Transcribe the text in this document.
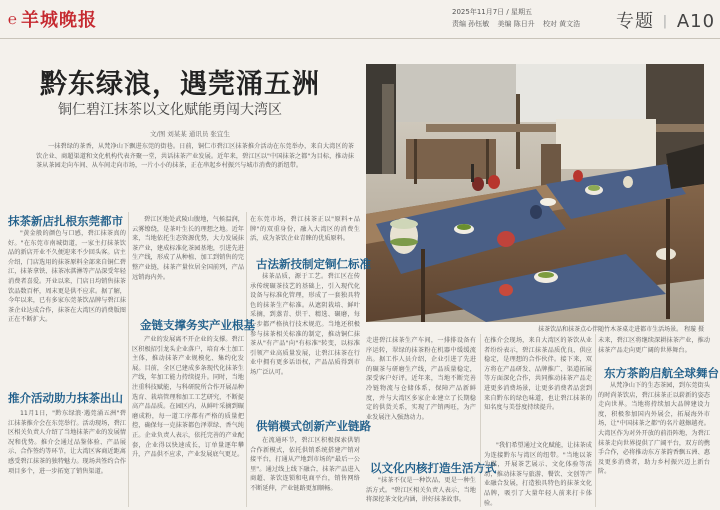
℮ 羊城晚报	2025年11月7日 / 星期五
责编 孙钰敏 美编 陈日升 校对 黄文浩	专题 | A10
黔东绿浪，遇莞涌五洲
铜仁碧江抹茶以文化赋能勇闯大湾区
文/图 刘某某 通讯员 张宜生
抹茶饮品和抹茶点心伴随竹木茶桌走进都市生活场景。 程璇 摄
一抹碧绿的茶香，从梵净山下飘进东莞的街巷。日前，铜仁市碧江区抹茶推介活动在东莞举办，来自大湾区的茶饮企业、商超渠道和文化机构代表齐聚一堂，共话抹茶产业发展。近年来，碧江区以"中国抹茶之都"为目标，推动抹茶从茶园走向车间、从车间走向市场，一片小小的抹茶，正在串起乡村振兴与城市消费的新纽带。
抹茶新店扎根东莞都市
"黄金般的颜色与口感，碧江抹茶真的好。"在东莞市南城街道，一家主打抹茶饮品的新店开业不久便迎来不少回头客。店主介绍，门店选用的抹茶原料全部来自铜仁碧江，抹茶拿铁、抹茶冰淇淋等产品深受年轻消费者喜爱。开业以来，门店日均销售抹茶饮品数百杯，周末更是供不应求。据了解，今年以来，已有多家东莞茶饮品牌与碧江抹茶企业达成合作，抹茶在大湾区的消费版图正在不断扩大。
推介活动助力抹茶出山
11月1日，"黔东绿浪·遇莞涌五洲"碧江抹茶推介会在东莞举行。活动现场，碧江区相关负责人介绍了当地抹茶产业的发展情况和优势。推介会通过品鉴体验、产品展示、合作签约等环节，让大湾区客商近距离感受碧江抹茶的独特魅力。现场共签约合作项目多个，进一步拓宽了销售渠道。
碧江区地处武陵山腹地，气候温润，云雾缭绕，是茶叶生长的理想之地。近年来，当地依托生态资源优势，大力发展抹茶产业，建成标准化茶园基地，引进先进生产线，形成了从种植、加工到销售的完整产业链，抹茶产量位居全国前列，产品远销海内外。
金链支撑务实产业根基
产业的发展离不开企业的支撑。碧江区积极招引龙头企业落户，培育本土加工主体，推动抹茶产业规模化、集约化发展。目前，全区已建成多条现代化抹茶生产线，年加工能力持续提升。同时，当地注重科技赋能，与科研院所合作开展品种选育、栽培管理和加工工艺研究，不断提高产品品质。在园区内，从鲜叶采摘到碾磨成粉，每一道工序都有严格的质量把控，确保每一克抹茶都色泽翠绿、香气纯正。企业负责人表示，依托完善的产业配套，企业得以快速成长，订单量逐年攀升，产品供不应求，产业发展底气更足。
在东莞市场，碧江抹茶正以"原料+品牌"的双重身份，融入大湾区的消费生活，成为茶饮企业青睐的优质原料。
古法新技制定铜仁标准
抹茶品质，源于工艺。碧江区在传承传统碾茶技艺的基础上，引入现代化设备与标准化管理，形成了一套独具特色的抹茶生产标准。从遮阴栽培、鲜叶采摘，到蒸青、烘干、精选、碾磨，每一步都严格执行技术规范。当地还积极参与抹茶相关标准的制定，推动铜仁抹茶从"有产品"向"有标准"转变，以标准引领产业高质量发展，让碧江抹茶在行业中拥有更多话语权，产品品质得到市场广泛认可。
供销模式创新产业链路
在流通环节，碧江区积极探索供销合作新模式，依托供销系统搭建产销对接平台，打通从产地到市场的"最后一公里"。通过线上线下融合，抹茶产品进入商超、茶饮连锁和电商平台，销售网络不断延伸，产业链路更加顺畅。
走进碧江抹茶生产车间，一排排设备有序运转，翠绿的抹茶粉在机器中缓缓流出。据工作人员介绍，企业引进了先进的碾茶与研磨生产线，产品质量稳定，深受客户好评。近年来，当地不断完善冷链物流与仓储体系，保障产品新鲜度，并与大湾区多家企业建立了长期稳定的供货关系，实现了产销两旺，为产业发展注入强劲动力。
以文化内核打造生活方式
"抹茶不仅是一种饮品，更是一种生活方式。"碧江区相关负责人表示，当地将深挖茶文化内涵，讲好抹茶故事。
在推介会现场，来自大湾区的茶饮从业者纷纷表示，碧江抹茶品质优良、供应稳定，是理想的合作伙伴。接下来，双方将在产品研发、品牌推广、渠道拓展等方面深化合作，共同推动抹茶产品走进更多消费场景，让更多消费者品尝到来自黔东的绿色味道，也让碧江抹茶的知名度与美誉度持续提升。
"我们希望通过文化赋能，让抹茶成为连接黔东与湾区的纽带。"当地以茶为媒，开展茶艺展示、文化体验等活动，推动抹茶与旅游、餐饮、文创等产业融合发展，打造独具特色的抹茶文化品牌，吸引了大量年轻人前来打卡体验。
未来，碧江区将继续深耕抹茶产业，推动抹茶产品走向更广阔的世界舞台。
东方茶韵启航全球舞台
从梵净山下的生态茶园，到东莞街头的时尚茶饮店，碧江抹茶正以崭新的姿态走向世界。当地将持续加大品牌建设力度，积极参加国内外展会，拓展海外市场，让"中国抹茶之都"的名片越擦越亮。大湾区作为对外开放的前沿阵地，为碧江抹茶走向世界提供了广阔平台，双方的携手合作，必将推动东方茶韵香飘五洲、惠及更多消费者，助力乡村振兴迈上新台阶。
